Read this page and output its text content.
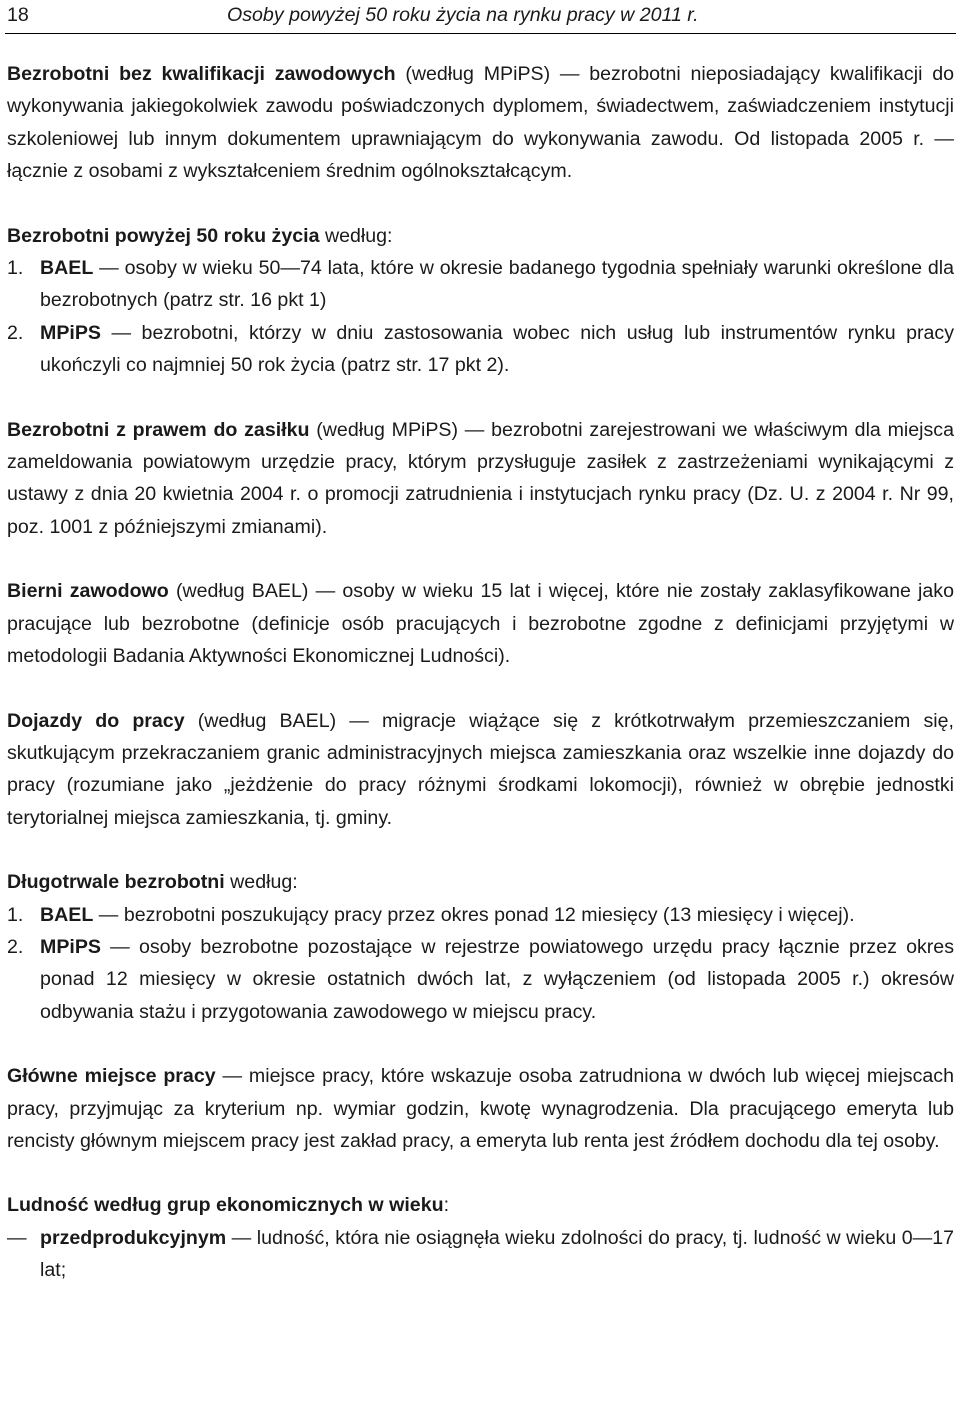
18	Osoby powyżej 50 roku życia na rynku pracy w 2011 r.

Bezrobotni bez kwalifikacji zawodowych (według MPiPS) — bezrobotni nieposiadający kwalifikacji do wykonywania jakiegokolwiek zawodu poświadczonych dyplomem, świadectwem, zaświadczeniem instytucji szkoleniowej lub innym dokumentem uprawniającym do wykonywania zawodu. Od listopada 2005 r. — łącznie z osobami z wykształceniem średnim ogólnokształcącym.

Bezrobotni powyżej 50 roku życia według:

1. BAEL — osoby w wieku 50—74 lata, które w okresie badanego tygodnia spełniały warunki określone dla bezrobotnych (patrz str. 16 pkt 1)
2. MPiPS — bezrobotni, którzy w dniu zastosowania wobec nich usług lub instrumentów rynku pracy ukończyli co najmniej 50 rok życia (patrz str. 17 pkt 2).

Bezrobotni z prawem do zasiłku (według MPiPS) — bezrobotni zarejestrowani we właściwym dla miejsca zameldowania powiatowym urzędzie pracy, którym przysługuje zasiłek z zastrzeżeniami wynikającymi z ustawy z dnia 20 kwietnia 2004 r. o promocji zatrudnienia i instytucjach rynku pracy (Dz. U. z 2004 r. Nr 99, poz. 1001 z późniejszymi zmianami).

Bierni zawodowo (według BAEL) — osoby w wieku 15 lat i więcej, które nie zostały zaklasyfikowane jako pracujące lub bezrobotne (definicje osób pracujących i bezrobotne zgodne z definicjami przyjętymi w metodologii Badania Aktywności Ekonomicznej Ludności).

Dojazdy do pracy (według BAEL) — migracje wiążące się z krótkotrwałym przemieszczaniem się, skutkującym przekraczaniem granic administracyjnych miejsca zamieszkania oraz wszelkie inne dojazdy do pracy (rozumiane jako „jeżdżenie do pracy różnymi środkami lokomocji), również w obrębie jednostki terytorialnej miejsca zamieszkania, tj. gminy.

Długotrwale bezrobotni według:

1. BAEL — bezrobotni poszukujący pracy przez okres ponad 12 miesięcy (13 miesięcy i więcej).
2. MPiPS — osoby bezrobotne pozostające w rejestrze powiatowego urzędu pracy łącznie przez okres ponad 12 miesięcy w okresie ostatnich dwóch lat, z wyłączeniem (od listopada 2005 r.) okresów odbywania stażu i przygotowania zawodowego w miejscu pracy.

Główne miejsce pracy — miejsce pracy, które wskazuje osoba zatrudniona w dwóch lub więcej miejscach pracy, przyjmując za kryterium np. wymiar godzin, kwotę wynagrodzenia. Dla pracującego emeryta lub rencisty głównym miejscem pracy jest zakład pracy, a emeryta lub renta jest źródłem dochodu dla tej osoby.

Ludność według grup ekonomicznych w wieku:

— przedprodukcyjnym — ludność, która nie osiągnęła wieku zdolności do pracy, tj. ludność w wieku 0—17 lat;
